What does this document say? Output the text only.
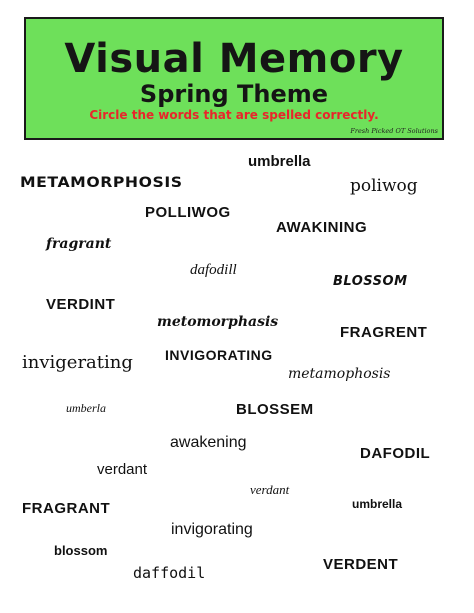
Visual Memory
Spring Theme
Circle the words that are spelled correctly.
Fresh Picked OT Solutions
umbrella
METAMORPHOSIS	poliwog
POLLIWOG
AWAKINING
fragrant
dafodill
BLOSSOM
VERDINT
metomorphasis
FRAGRENT
invigerating INVIGORATING
metamophosis
umberla	BLOSSEM
awakening
DAFODIL
verdant
verdant
FRAGRANT	umbrella
invigorating
blossom
VERDENT
daffodil
